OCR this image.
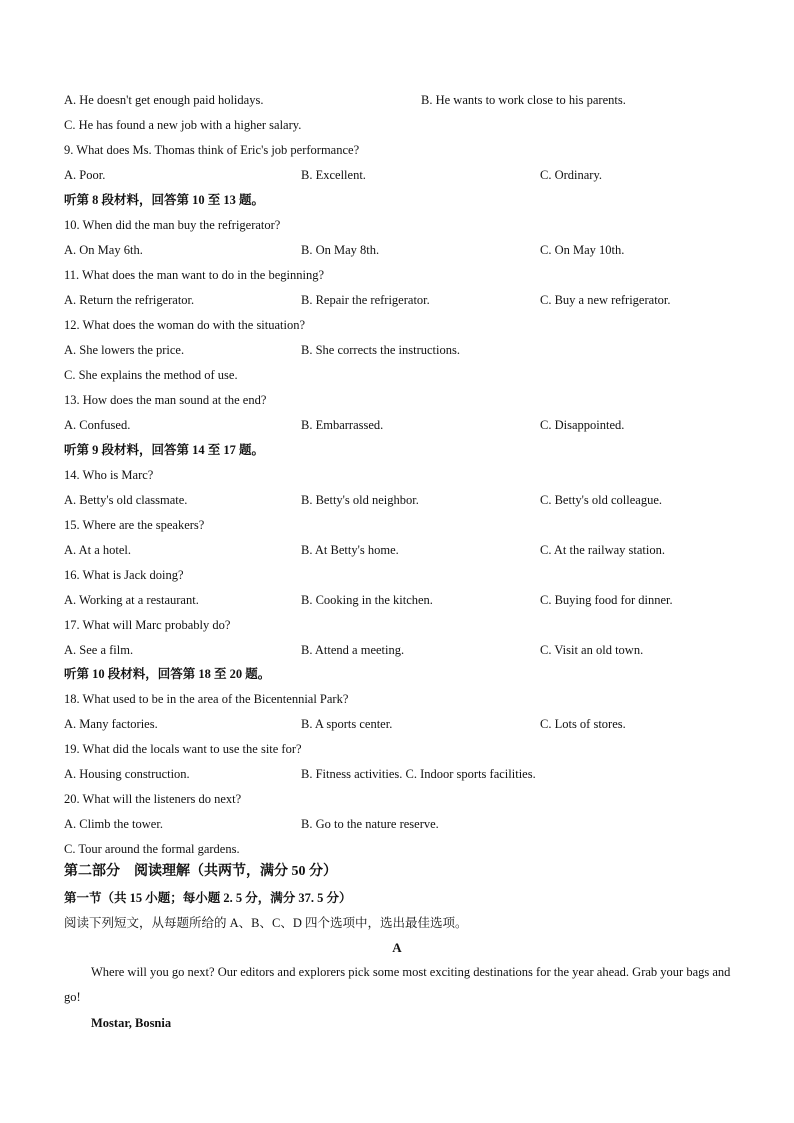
A. He doesn't get enough paid holidays.	B. He wants to work close to his parents.
C. He has found a new job with a higher salary.
9. What does Ms. Thomas think of Eric's job performance?
A. Poor.	B. Excellent.	C. Ordinary.
听第 8 段材料，回答第 10 至 13 题。
10. When did the man buy the refrigerator?
A. On May 6th.	B. On May 8th.	C. On May 10th.
11. What does the man want to do in the beginning?
A. Return the refrigerator.	B. Repair the refrigerator.	C. Buy a new refrigerator.
12. What does the woman do with the situation?
A. She lowers the price.	B. She corrects the instructions.
C. She explains the method of use.
13. How does the man sound at the end?
A. Confused.	B. Embarrassed.	C. Disappointed.
听第 9 段材料，回答第 14 至 17 题。
14. Who is Marc?
A. Betty's old classmate.	B. Betty's old neighbor.	C. Betty's old colleague.
15. Where are the speakers?
A. At a hotel.	B. At Betty's home.	C. At the railway station.
16. What is Jack doing?
A. Working at a restaurant.	B. Cooking in the kitchen.	C. Buying food for dinner.
17. What will Marc probably do?
A. See a film.	B. Attend a meeting.	C. Visit an old town.
听第 10 段材料，回答第 18 至 20 题。
18. What used to be in the area of the Bicentennial Park?
A. Many factories.	B. A sports center.	C. Lots of stores.
19. What did the locals want to use the site for?
A. Housing construction.	B. Fitness activities. C. Indoor sports facilities.
20. What will the listeners do next?
A. Climb the tower.	B. Go to the nature reserve.
C. Tour around the formal gardens.
第二部分　阅读理解（共两节，满分 50 分）
第一节（共 15 小题；每小题 2. 5 分，满分 37. 5 分）
阅读下列短文，从每题所给的 A、B、C、D 四个选项中，选出最佳选项。
A
Where will you go next? Our editors and explorers pick some most exciting destinations for the year ahead. Grab your bags and go!
Mostar, Bosnia
